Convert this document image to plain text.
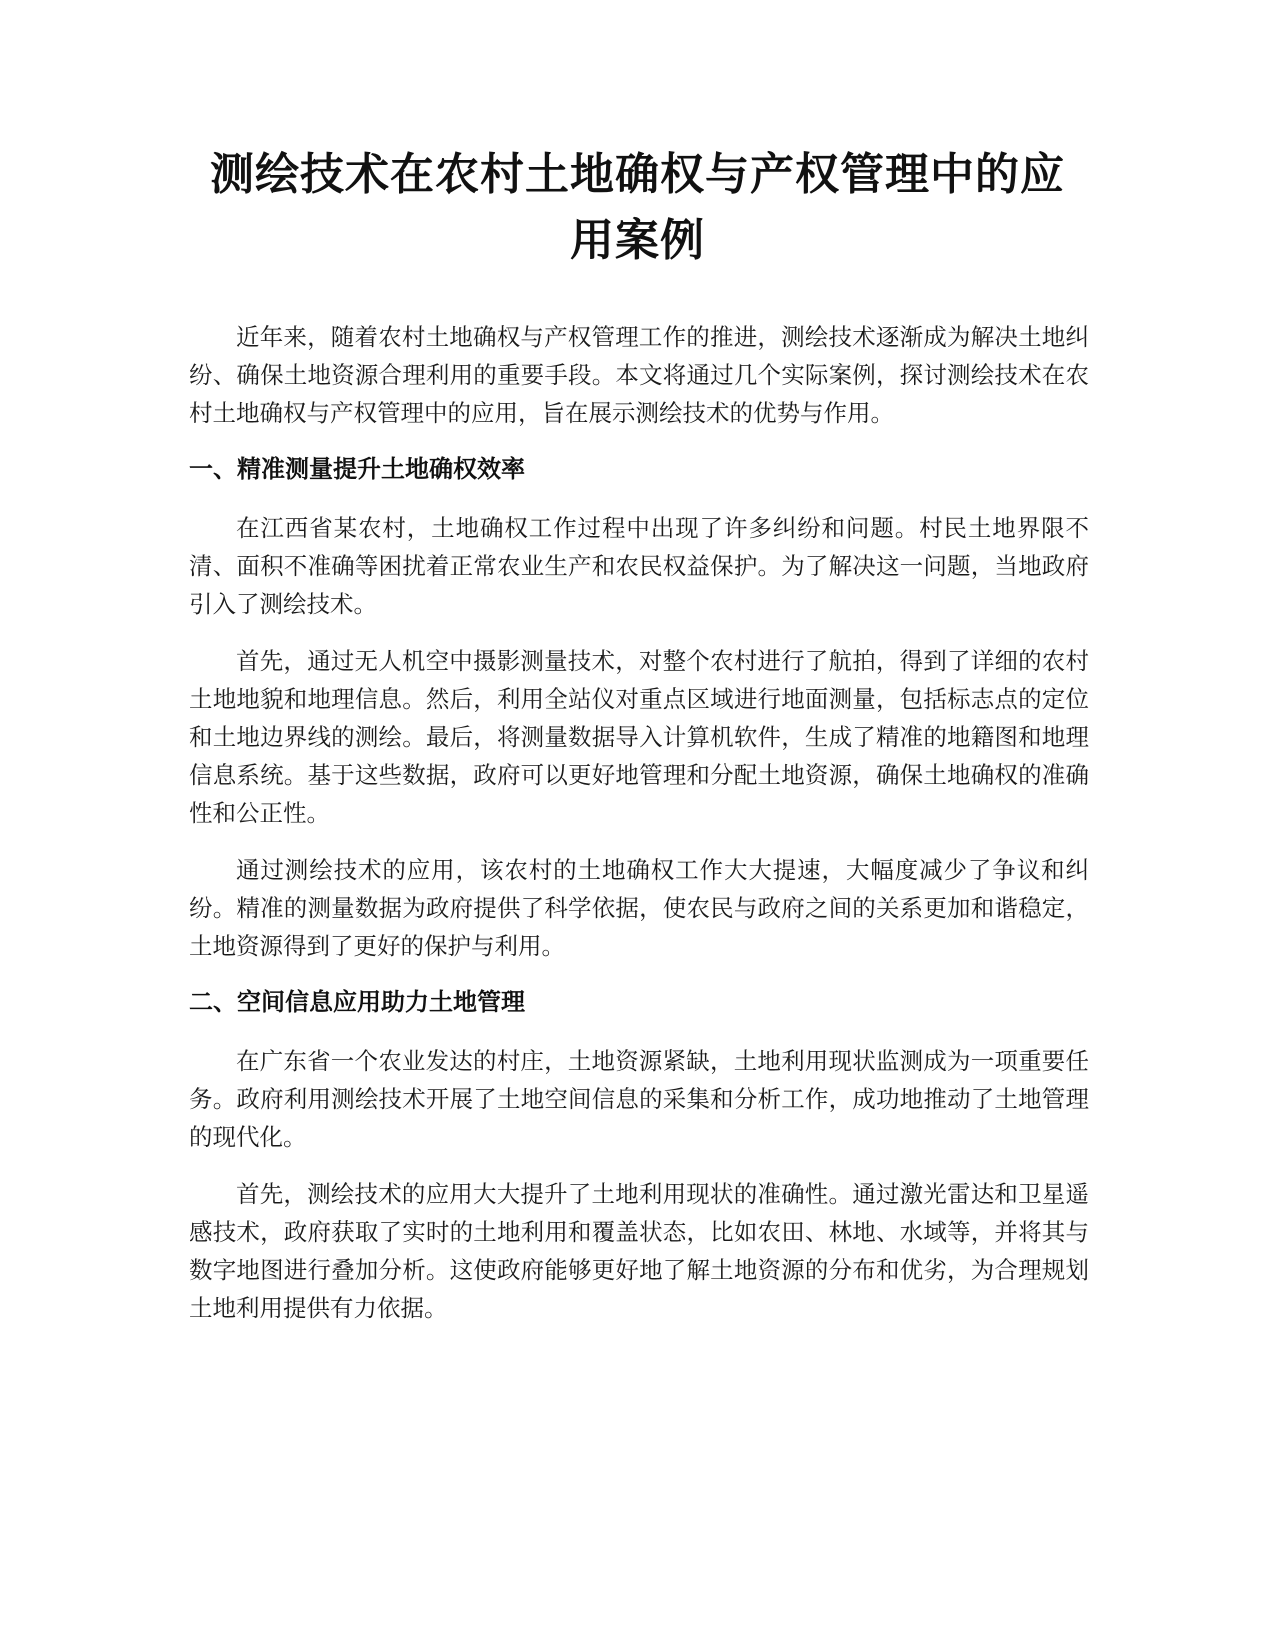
测绘技术在农村土地确权与产权管理中的应
用案例

近年来，随着农村土地确权与产权管理工作的推进，测绘技术逐渐成为解决土地纠纷、确保土地资源合理利用的重要手段。本文将通过几个实际案例，探讨测绘技术在农村土地确权与产权管理中的应用，旨在展示测绘技术的优势与作用。

一、精准测量提升土地确权效率

在江西省某农村，土地确权工作过程中出现了许多纠纷和问题。村民土地界限不清、面积不准确等困扰着正常农业生产和农民权益保护。为了解决这一问题，当地政府引入了测绘技术。

首先，通过无人机空中摄影测量技术，对整个农村进行了航拍，得到了详细的农村土地地貌和地理信息。然后，利用全站仪对重点区域进行地面测量，包括标志点的定位和土地边界线的测绘。最后，将测量数据导入计算机软件，生成了精准的地籍图和地理信息系统。基于这些数据，政府可以更好地管理和分配土地资源，确保土地确权的准确性和公正性。

通过测绘技术的应用，该农村的土地确权工作大大提速，大幅度减少了争议和纠纷。精准的测量数据为政府提供了科学依据，使农民与政府之间的关系更加和谐稳定，土地资源得到了更好的保护与利用。

二、空间信息应用助力土地管理

在广东省一个农业发达的村庄，土地资源紧缺，土地利用现状监测成为一项重要任务。政府利用测绘技术开展了土地空间信息的采集和分析工作，成功地推动了土地管理的现代化。

首先，测绘技术的应用大大提升了土地利用现状的准确性。通过激光雷达和卫星遥感技术，政府获取了实时的土地利用和覆盖状态，比如农田、林地、水域等，并将其与数字地图进行叠加分析。这使政府能够更好地了解土地资源的分布和优劣，为合理规划土地利用提供有力依据。
